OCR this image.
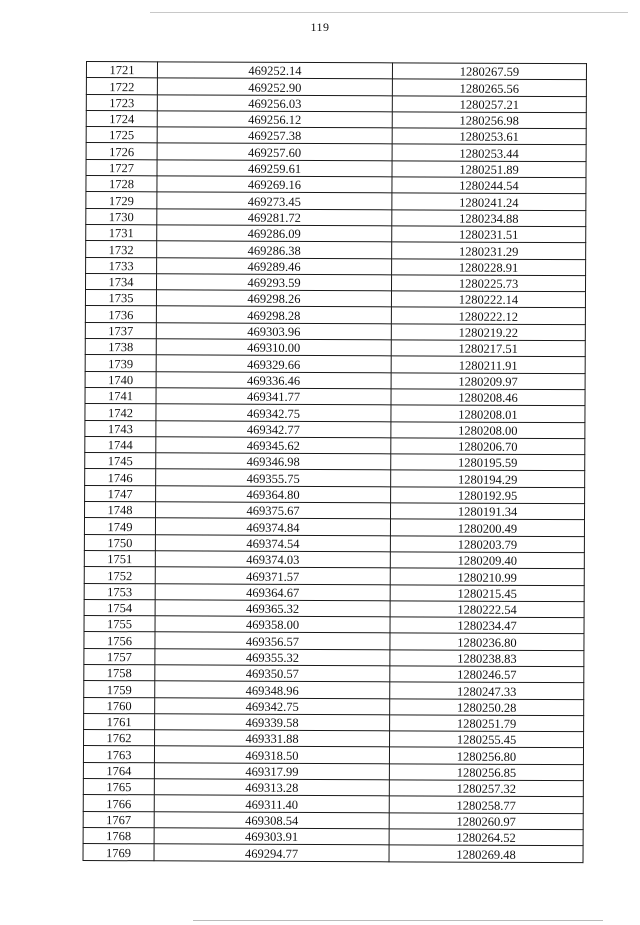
119
1721	469252.14	1280267.59
1722	469252.90	1280265.56
1723	469256.03	1280257.21
1724	469256.12	1280256.98
1725	469257.38	1280253.61
1726	469257.60	1280253.44
1727	469259.61	1280251.89
1728	469269.16	1280244.54
1729	469273.45	1280241.24
1730	469281.72	1280234.88
1731	469286.09	1280231.51
1732	469286.38	1280231.29
1733	469289.46	1280228.91
1734	469293.59	1280225.73
1735	469298.26	1280222.14
1736	469298.28	1280222.12
1737	469303.96	1280219.22
1738	469310.00	1280217.51
1739	469329.66	1280211.91
1740	469336.46	1280209.97
1741	469341.77	1280208.46
1742	469342.75	1280208.01
1743	469342.77	1280208.00
1744	469345.62	1280206.70
1745	469346.98	1280195.59
1746	469355.75	1280194.29
1747	469364.80	1280192.95
1748	469375.67	1280191.34
1749	469374.84	1280200.49
1750	469374.54	1280203.79
1751	469374.03	1280209.40
1752	469371.57	1280210.99
1753	469364.67	1280215.45
1754	469365.32	1280222.54
1755	469358.00	1280234.47
1756	469356.57	1280236.80
1757	469355.32	1280238.83
1758	469350.57	1280246.57
1759	469348.96	1280247.33
1760	469342.75	1280250.28
1761	469339.58	1280251.79
1762	469331.88	1280255.45
1763	469318.50	1280256.80
1764	469317.99	1280256.85
1765	469313.28	1280257.32
1766	469311.40	1280258.77
1767	469308.54	1280260.97
1768	469303.91	1280264.52
1769	469294.77	1280269.48
